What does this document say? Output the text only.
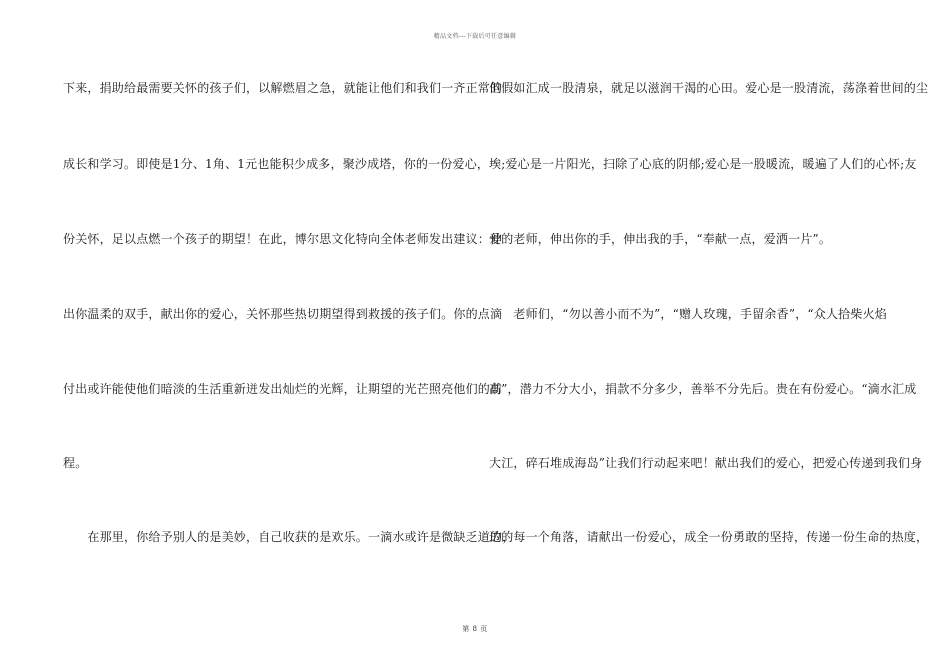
精品文档---下载后可任意编辑
下来，捐助给最需要关怀的孩子们，以解燃眉之急，就能让他们和我们一齐正常的
成长和学习。即使是1分、1角、1元也能积少成多，聚沙成塔，你的一份爱心，一
份关怀，足以点燃一个孩子的期望！在此，博尔思文化特向全体老师发出建议：伸
出你温柔的双手，献出你的爱心，关怀那些热切期望得到救援的孩子们。你的点滴
付出或许能使他们暗淡的生活重新迸发出灿烂的光辉，让期望的光芒照亮他们的前
程。
　　在那里，你给予别人的是美妙，自己收获的是欢乐。一滴水或许是微缺乏道的，
但假如汇成一股清泉，就足以滋润干渴的心田。爱心是一股清流，荡涤着世间的尘
埃;爱心是一片阳光，扫除了心底的阴郁;爱心是一股暖流，暖遍了人们的心怀;友
爱的老师，伸出你的手，伸出我的手，“奉献一点，爱洒一片”。
　　老师们，“勿以善小而不为”，“赠人玫瑰，手留余香”，“众人拾柴火焰
高”，潜力不分大小，捐款不分多少，善举不分先后。贵在有份爱心。“滴水汇成
大江，碎石堆成海岛”让我们行动起来吧！献出我们的爱心，把爱心传递到我们身
边的每一个角落，请献出一份爱心，成全一份勇敢的坚持，传递一份生命的热度，
第 8 页
